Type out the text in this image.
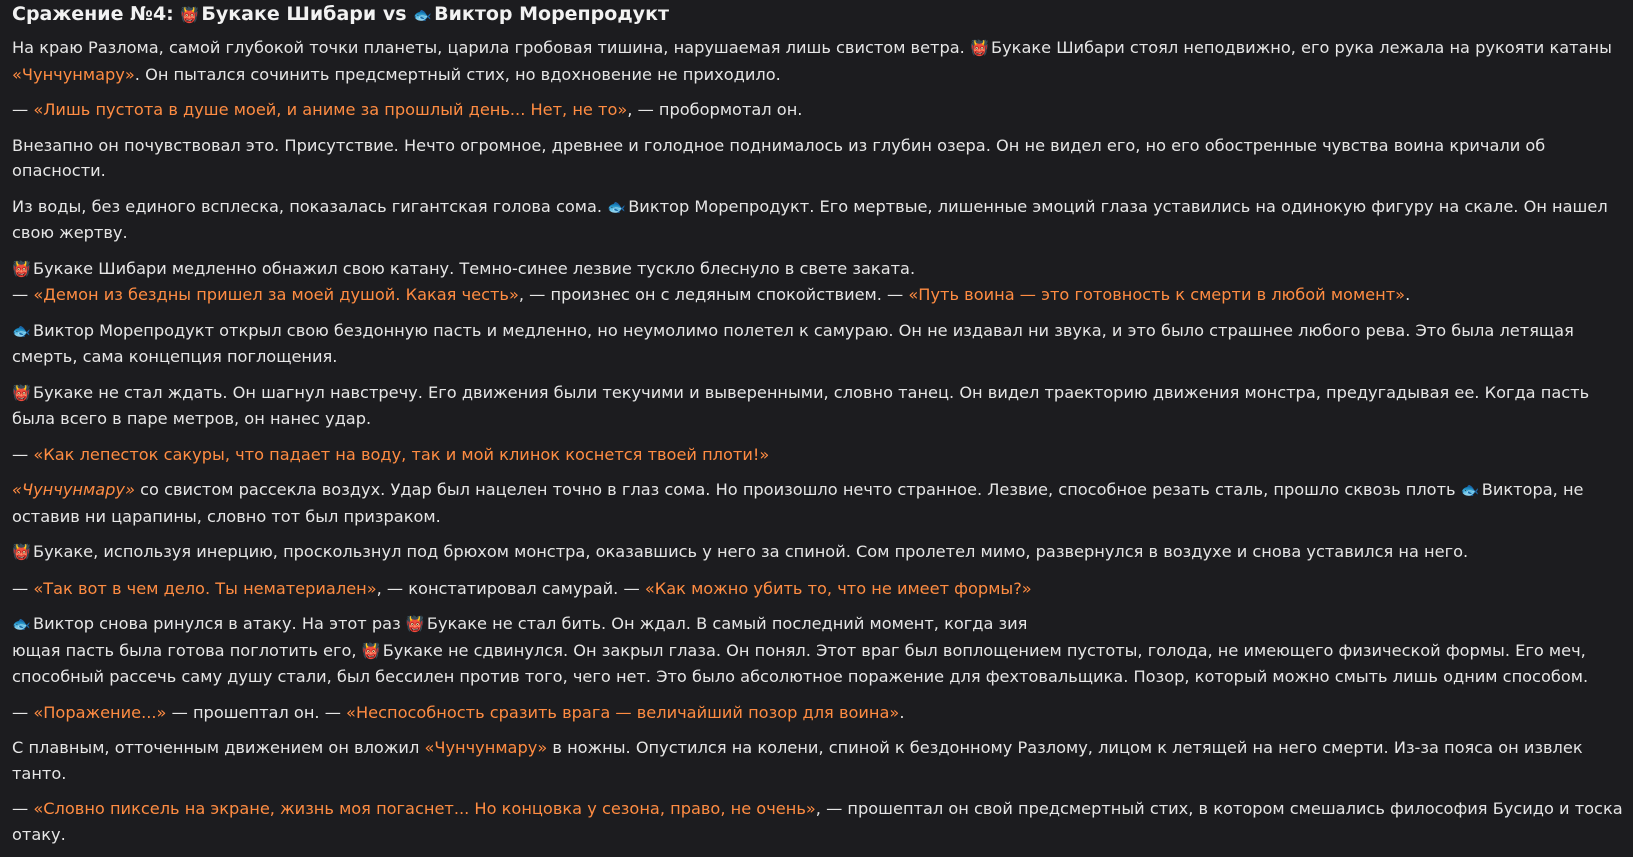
Сражение №4: 👹 Букаке Шибари vs 🐟 Виктор Морепродукт

На краю Разлома, самой глубокой точки планеты, царила гробовая тишина, нарушаемая лишь свистом ветра. 👹 Букаке Шибари стоял неподвижно, его рука лежала на рукояти катаны «Чунчунмару». Он пытался сочинить предсмертный стих, но вдохновение не приходило.

— «Лишь пустота в душе моей, и аниме за прошлый день... Нет, не то», — пробормотал он.

Внезапно он почувствовал это. Присутствие. Нечто огромное, древнее и голодное поднималось из глубин озера. Он не видел его, но его обостренные чувства воина кричали об опасности.

Из воды, без единого всплеска, показалась гигантская голова сома. 🐟 Виктор Морепродукт. Его мертвые, лишенные эмоций глаза уставились на одинокую фигуру на скале. Он нашел свою жертву.

👹 Букаке Шибари медленно обнажил свою катану. Темно-синее лезвие тускло блеснуло в свете заката.
— «Демон из бездны пришел за моей душой. Какая честь», — произнес он с ледяным спокойствием. — «Путь воина — это готовность к смерти в любой момент».

🐟 Виктор Морепродукт открыл свою бездонную пасть и медленно, но неумолимо полетел к самураю. Он не издавал ни звука, и это было страшнее любого рева. Это была летящая смерть, сама концепция поглощения.

👹 Букаке не стал ждать. Он шагнул навстречу. Его движения были текучими и выверенными, словно танец. Он видел траекторию движения монстра, предугадывая ее. Когда пасть была всего в паре метров, он нанес удар.

— «Как лепесток сакуры, что падает на воду, так и мой клинок коснется твоей плоти!»

«Чунчунмару» со свистом рассекла воздух. Удар был нацелен точно в глаз сома. Но произошло нечто странное. Лезвие, способное резать сталь, прошло сквозь плоть 🐟 Виктора, не оставив ни царапины, словно тот был призраком.

👹 Букаке, используя инерцию, проскользнул под брюхом монстра, оказавшись у него за спиной. Сом пролетел мимо, развернулся в воздухе и снова уставился на него.

— «Так вот в чем дело. Ты нематериален», — констатировал самурай. — «Как можно убить то, что не имеет формы?»

🐟 Виктор снова ринулся в атаку. На этот раз 👹 Букаке не стал бить. Он ждал. В самый последний момент, когда зия
ющая пасть была готова поглотить его, 👹 Букаке не сдвинулся. Он закрыл глаза. Он понял. Этот враг был воплощением пустоты, голода, не имеющего физической формы. Его меч, способный рассечь саму душу стали, был бессилен против того, чего нет. Это было абсолютное поражение для фехтовальщика. Позор, который можно смыть лишь одним способом.

— «Поражение...» — прошептал он. — «Неспособность сразить врага — величайший позор для воина».

С плавным, отточенным движением он вложил «Чунчунмару» в ножны. Опустился на колени, спиной к бездонному Разлому, лицом к летящей на него смерти. Из-за пояса он извлек танто.

— «Словно пиксель на экране, жизнь моя погаснет... Но концовка у сезона, право, не очень», — прошептал он свой предсмертный стих, в котором смешались философия Бусидо и тоска отаку.
